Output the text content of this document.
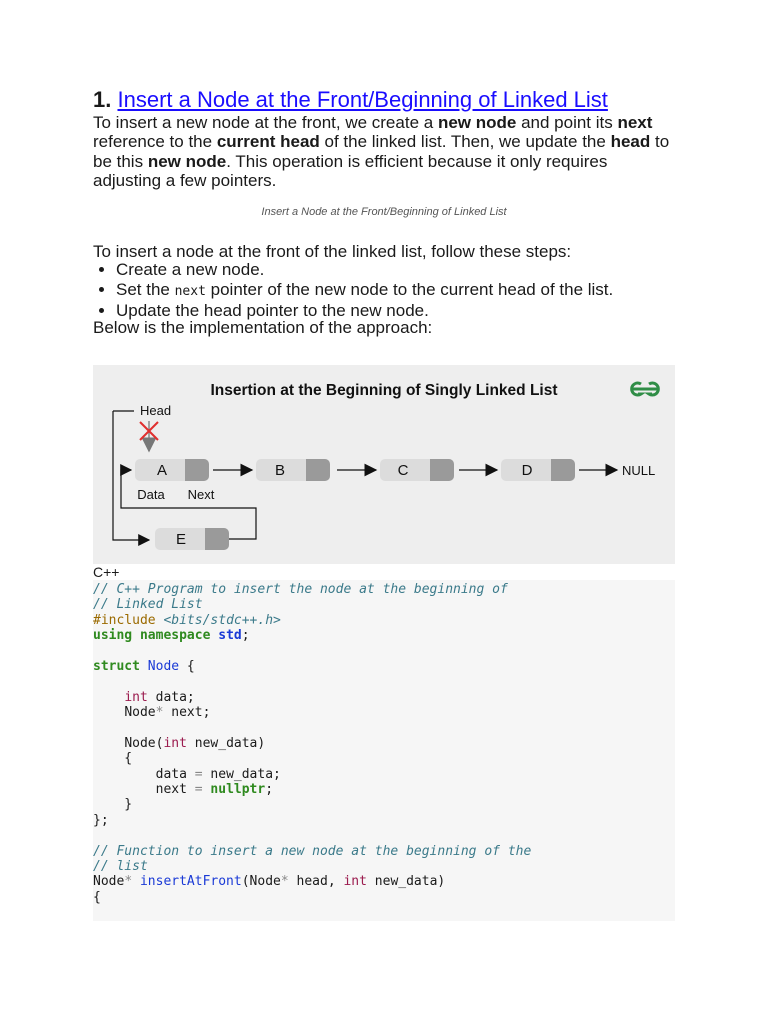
1. Insert a Node at the Front/Beginning of Linked List

To insert a new node at the front, we create a new node and point its next reference to the current head of the linked list. Then, we update the head to be this new node. This operation is efficient because it only requires adjusting a few pointers.

Insert a Node at the Front/Beginning of Linked List

To insert a node at the front of the linked list, follow these steps:

• Create a new node.
• Set the next pointer of the new node to the current head of the list.
• Update the head pointer to the new node.

Below is the implementation of the approach:

Insertion at the Beginning of Singly Linked List
Head
A	B	C	D	NULL
Data Next
E
C++
// C++ Program to insert the node at the beginning of
// Linked List
#include <bits/stdc++.h>
using namespace std;

struct Node {

int data;
Node* next;

Node(int new_data)
{
data = new_data;
next = nullptr;
}
};

// Function to insert a new node at the beginning of the
// list
Node* insertAtFront(Node* head, int new_data)
{
